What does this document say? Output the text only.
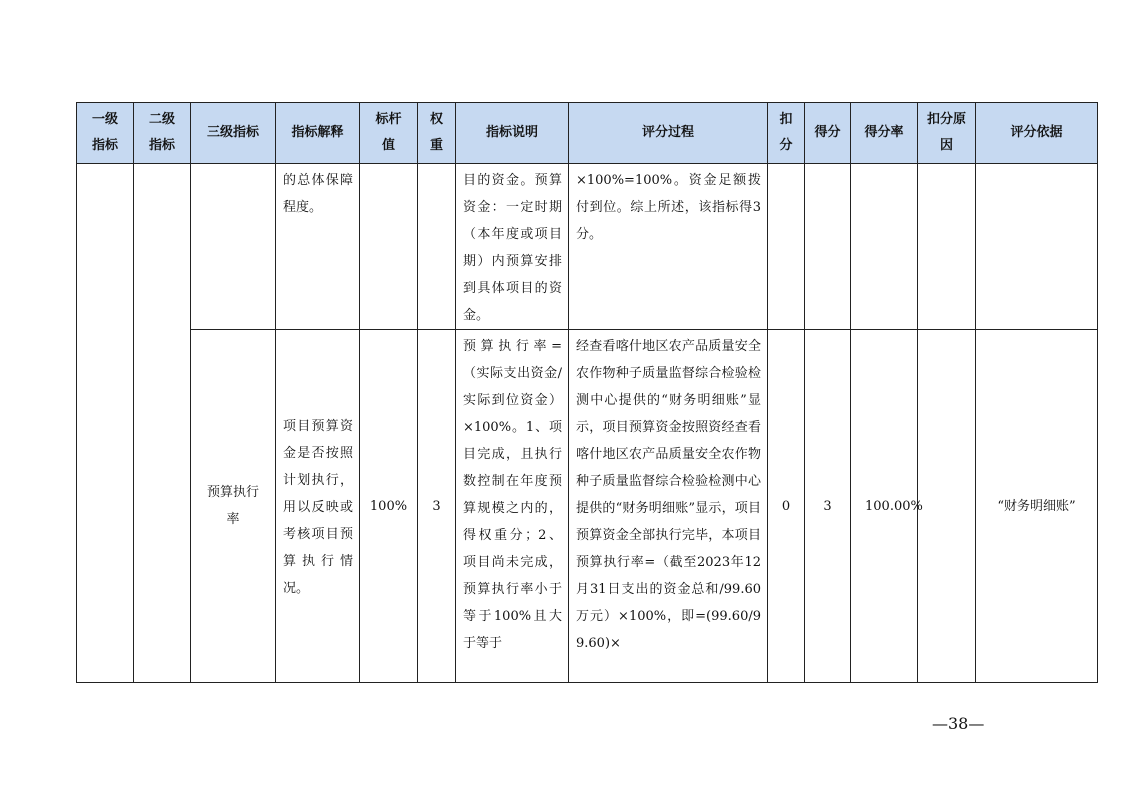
一级指标	二级指标	三级指标	指标解释	标杆值	权重	指标说明	评分过程	扣分	得分	得分率	扣分原因	评分依据

			的总体保障程度。			目的资金。预算资金：一定时期（本年度或项目期）内预算安排到具体项目的资金。	×100%=100%。资金足额拨付到位。综上所述，该指标得3分。					

		预算执行率	项目预算资金是否按照计划执行，用以反映或考核项目预算执行情况。	100%	3	预算执行率=（实际支出资金/实际到位资金）×100%。1、项目完成，且执行数控制在年度预算规模之内的，得权重分；2、项目尚未完成，预算执行率小于等于100%且大于等于	经查看喀什地区农产品质量安全农作物种子质量监督综合检验检测中心提供的“财务明细账”显示，项目预算资金按照资经查看喀什地区农产品质量安全农作物种子质量监督综合检验检测中心提供的“财务明细账”显示，项目预算资金全部执行完毕，本项目预算执行率=（截至2023年12月31日支出的资金总和/99.60万元）×100%，即=(99.60/99.60)×	0	3	100.00%		“财务明细账”
—38—
